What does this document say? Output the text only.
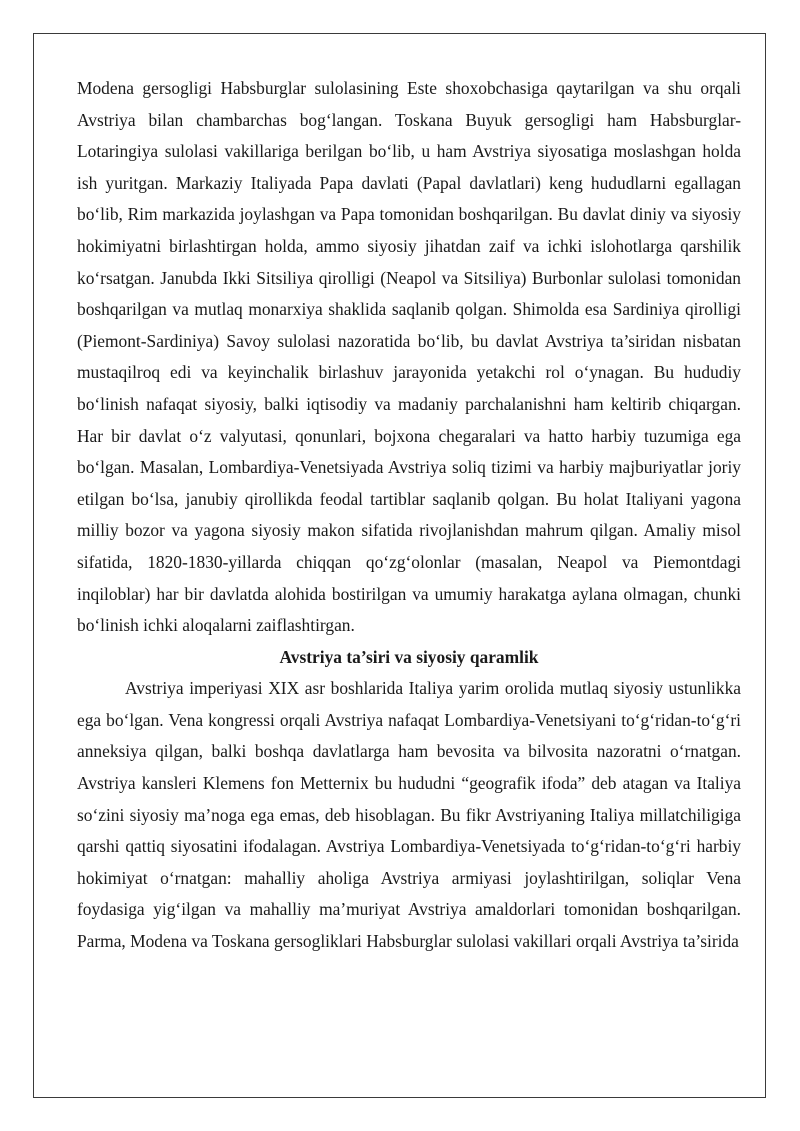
Modena gersogligi Habsburglar sulolasining Este shoxobchasiga qaytarilgan va shu orqali Avstriya bilan chambarchas bog‘langan. Toskana Buyuk gersogligi ham Habsburglar-Lotaringiya sulolasi vakillariga berilgan bo‘lib, u ham Avstriya siyosatiga moslashgan holda ish yuritgan. Markaziy Italiyada Papa davlati (Papal davlatlari) keng hududlarni egallagan bo‘lib, Rim markazida joylashgan va Papa tomonidan boshqarilgan. Bu davlat diniy va siyosiy hokimiyatni birlashtirgan holda, ammo siyosiy jihatdan zaif va ichki islohotlarga qarshilik ko‘rsatgan. Janubda Ikki Sitsiliya qirolligi (Neapol va Sitsiliya) Burbonlar sulolasi tomonidan boshqarilgan va mutlaq monarxiya shaklida saqlanib qolgan. Shimolda esa Sardiniya qirolligi (Piemont-Sardiniya) Savoy sulolasi nazoratida bo‘lib, bu davlat Avstriya ta’siridan nisbatan mustaqilroq edi va keyinchalik birlashuv jarayonida yetakchi rol o‘ynagan. Bu hududiy bo‘linish nafaqat siyosiy, balki iqtisodiy va madaniy parchalanishni ham keltirib chiqargan. Har bir davlat o‘z valyutasi, qonunlari, bojxona chegaralari va hatto harbiy tuzumiga ega bo‘lgan. Masalan, Lombardiya-Venetsiyada Avstriya soliq tizimi va harbiy majburiyatlar joriy etilgan bo‘lsa, janubiy qirollikda feodal tartiblar saqlanib qolgan. Bu holat Italiyani yagona milliy bozor va yagona siyosiy makon sifatida rivojlanishdan mahrum qilgan. Amaliy misol sifatida, 1820-1830-yillarda chiqqan qo‘zg‘olonlar (masalan, Neapol va Piemontdagi inqiloblar) har bir davlatda alohida bostirilgan va umumiy harakatga aylana olmagan, chunki bo‘linish ichki aloqalarni zaiflashtirgan.

Avstriya ta’siri va siyosiy qaramlik

Avstriya imperiyasi XIX asr boshlarida Italiya yarim orolida mutlaq siyosiy ustunlikka ega bo‘lgan. Vena kongressi orqali Avstriya nafaqat Lombardiya-Venetsiyani to‘g‘ridan-to‘g‘ri anneksiya qilgan, balki boshqa davlatlarga ham bevosita va bilvosita nazoratni o‘rnatgan. Avstriya kansleri Klemens fon Metternix bu hududni “geografik ifoda” deb atagan va Italiya so‘zini siyosiy ma’noga ega emas, deb hisoblagan. Bu fikr Avstriyaning Italiya millatchiligiga qarshi qattiq siyosatini ifodalagan. Avstriya Lombardiya-Venetsiyada to‘g‘ridan-to‘g‘ri harbiy hokimiyat o‘rnatgan: mahalliy aholiga Avstriya armiyasi joylashtirilgan, soliqlar Vena foydasiga yig‘ilgan va mahalliy ma’muriyat Avstriya amaldorlari tomonidan boshqarilgan. Parma, Modena va Toskana gersogliklari Habsburglar sulolasi vakillari orqali Avstriya ta’sirida
